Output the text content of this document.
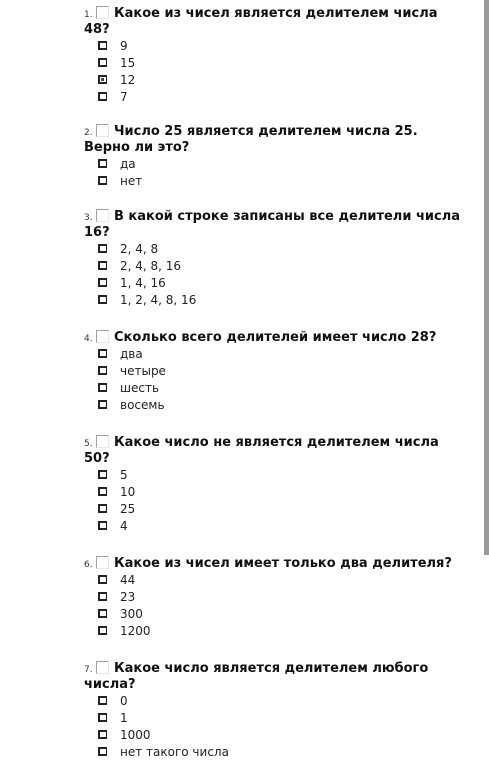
1. Какое из чисел является делителем числа
48?
9
15
12
7
2. Число 25 является делителем числа 25.
Верно ли это?
да
нет
3. В какой строке записаны все делители числа
16?
2, 4, 8
2, 4, 8, 16
1, 4, 16
1, 2, 4, 8, 16
4. Сколько всего делителей имеет число 28?
два
четыре
шесть
восемь
5. Какое число не является делителем числа
50?
5
10
25
4
6. Какое из чисел имеет только два делителя?
44
23
300
1200
7. Какое число является делителем любого
числа?
0
1
1000
нет такого числа
